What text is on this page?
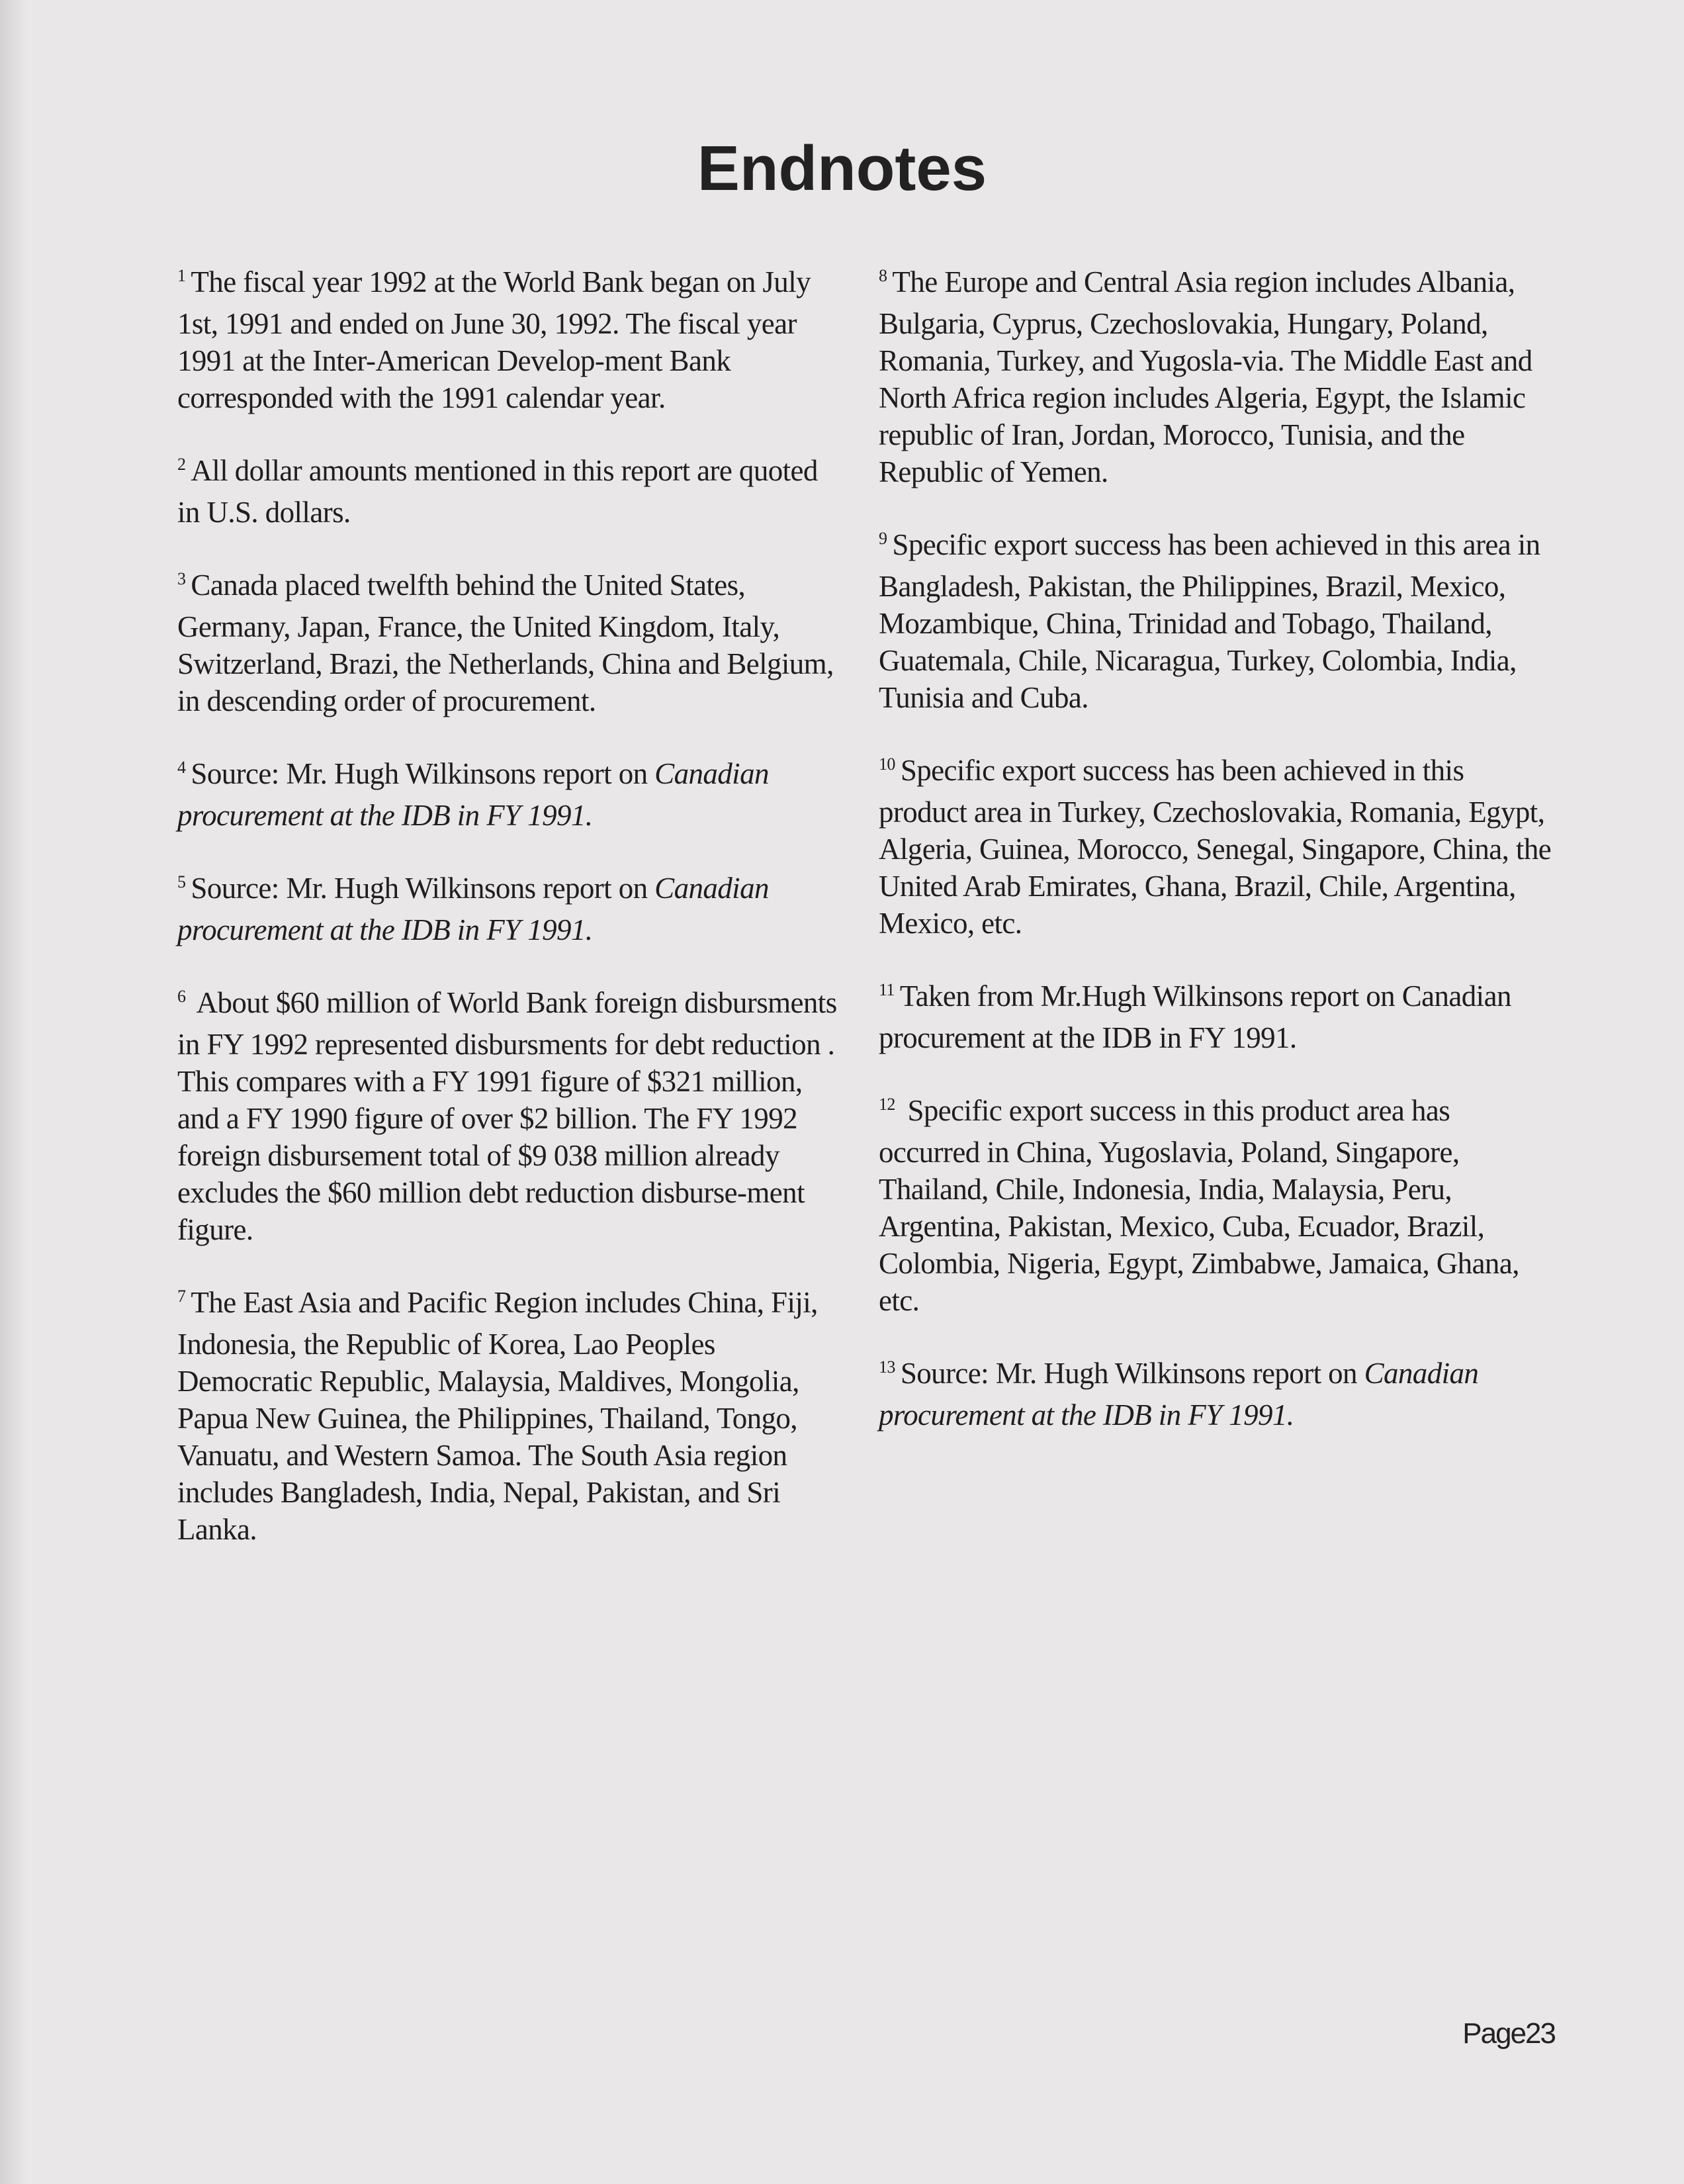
Endnotes

$^1$ The fiscal year 1992 at the World Bank began on July 1st, 1991 and ended on June 30, 1992. The fiscal year 1991 at the Inter-American Develop-ment Bank corresponded with the 1991 calendar year.

$^2$ All dollar amounts mentioned in this report are quoted in U.S. dollars.

$^3$ Canada placed twelfth behind the United States, Germany, Japan, France, the United Kingdom, Italy, Switzerland, Brazi, the Netherlands, China and Belgium, in descending order of procurement.

$^4$ Source: Mr. Hugh Wilkinsons report on Canadian procurement at the IDB in FY 1991.

$^5$ Source: Mr. Hugh Wilkinsons report on Canadian procurement at the IDB in FY 1991.

$^6$ About $60 million of World Bank foreign disbursments in FY 1992 represented disbursments for debt reduction . This compares with a FY 1991 figure of $321 million, and a FY 1990 figure of over $2 billion. The FY 1992 foreign disbursement total of $9 038 million already excludes the $60 million debt reduction disburse-ment figure.

$^7$ The East Asia and Pacific Region includes China, Fiji, Indonesia, the Republic of Korea, Lao Peoples Democratic Republic, Malaysia, Maldives, Mongolia, Papua New Guinea, the Philippines, Thailand, Tongo, Vanuatu, and Western Samoa. The South Asia region includes Bangladesh, India, Nepal, Pakistan, and Sri Lanka.

$^8$ The Europe and Central Asia region includes Albania, Bulgaria, Cyprus, Czechoslovakia, Hungary, Poland, Romania, Turkey, and Yugosla-via. The Middle East and North Africa region includes Algeria, Egypt, the Islamic republic of Iran, Jordan, Morocco, Tunisia, and the Republic of Yemen.

$^9$ Specific export success has been achieved in this area in Bangladesh, Pakistan, the Philippines, Brazil, Mexico, Mozambique, China, Trinidad and Tobago, Thailand, Guatemala, Chile, Nicaragua, Turkey, Colombia, India, Tunisia and Cuba.

$^{10}$ Specific export success has been achieved in this product area in Turkey, Czechoslovakia, Romania, Egypt, Algeria, Guinea, Morocco, Senegal, Singapore, China, the United Arab Emirates, Ghana, Brazil, Chile, Argentina, Mexico, etc.

$^{11}$ Taken from Mr.Hugh Wilkinsons report on Canadian procurement at the IDB in FY 1991.

$^{12}$ Specific export success in this product area has occurred in China, Yugoslavia, Poland, Singapore, Thailand, Chile, Indonesia, India, Malaysia, Peru, Argentina, Pakistan, Mexico, Cuba, Ecuador, Brazil, Colombia, Nigeria, Egypt, Zimbabwe, Jamaica, Ghana, etc.

$^{13}$ Source: Mr. Hugh Wilkinsons report on Canadian procurement at the IDB in FY 1991.

Page23
